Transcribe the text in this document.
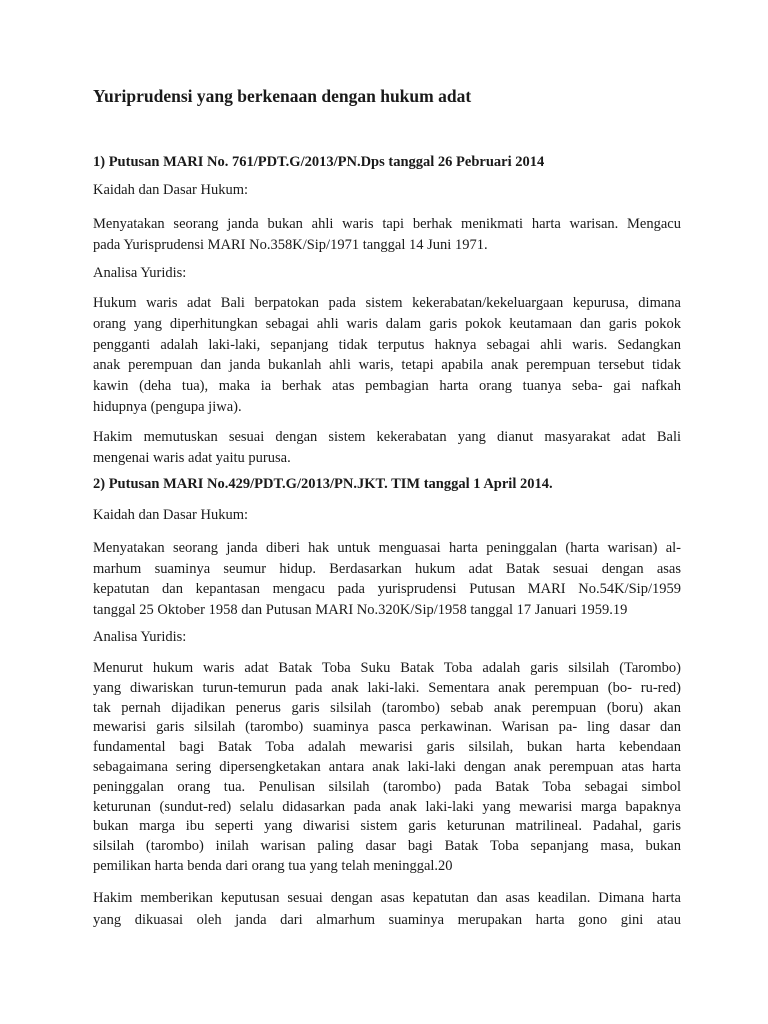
Yuriprudensi yang berkenaan dengan hukum adat
1) Putusan MARI No. 761/PDT.G/2013/PN.Dps tanggal 26 Pebruari 2014
Kaidah dan Dasar Hukum:
Menyatakan seorang janda bukan ahli waris tapi berhak menikmati harta warisan. Mengacu
pada Yurisprudensi MARI No.358K/Sip/1971 tanggal 14 Juni 1971.
Analisa Yuridis:
Hukum waris adat Bali berpatokan pada sistem kekerabatan/kekeluargaan kepurusa, dimana
orang yang diperhitungkan sebagai ahli waris dalam garis pokok keutamaan dan garis pokok
pengganti adalah laki-laki, sepanjang tidak terputus haknya sebagai ahli waris. Sedangkan
anak perempuan dan janda bukanlah ahli waris, tetapi apabila anak perempuan tersebut tidak
kawin (deha tua), maka ia berhak atas pembagian harta orang tuanya seba- gai nafkah
hidupnya (pengupa jiwa).
Hakim memutuskan sesuai dengan sistem kekerabatan yang dianut masyarakat adat Bali
mengenai waris adat yaitu purusa.
2) Putusan MARI No.429/PDT.G/2013/PN.JKT. TIM tanggal 1 April 2014.
Kaidah dan Dasar Hukum:
Menyatakan seorang janda diberi hak untuk menguasai harta peninggalan (harta warisan) al-
marhum suaminya seumur hidup. Berdasarkan hukum adat Batak sesuai dengan asas
kepatutan dan kepantasan mengacu pada yurisprudensi Putusan MARI No.54K/Sip/1959
tanggal 25 Oktober 1958 dan Putusan MARI No.320K/Sip/1958 tanggal 17 Januari 1959.19
Analisa Yuridis:
Menurut hukum waris adat Batak Toba Suku Batak Toba adalah garis silsilah (Tarombo)
yang diwariskan turun-temurun pada anak laki-laki. Sementara anak perempuan (bo- ru-red)
tak pernah dijadikan penerus garis silsilah (tarombo) sebab anak perempuan (boru) akan
mewarisi garis silsilah (tarombo) suaminya pasca perkawinan. Warisan pa- ling dasar dan
fundamental bagi Batak Toba adalah mewarisi garis silsilah, bukan harta kebendaan
sebagaimana sering dipersengketakan antara anak laki-laki dengan anak perempuan atas harta
peninggalan orang tua. Penulisan silsilah (tarombo) pada Batak Toba sebagai simbol
keturunan (sundut-red) selalu didasarkan pada anak laki-laki yang mewarisi marga bapaknya
bukan marga ibu seperti yang diwarisi sistem garis keturunan matrilineal. Padahal, garis
silsilah (tarombo) inilah warisan paling dasar bagi Batak Toba sepanjang masa, bukan
pemilikan harta benda dari orang tua yang telah meninggal.20
Hakim memberikan keputusan sesuai dengan asas kepatutan dan asas keadilan. Dimana harta
yang dikuasai oleh janda dari almarhum suaminya merupakan harta gono gini atau
